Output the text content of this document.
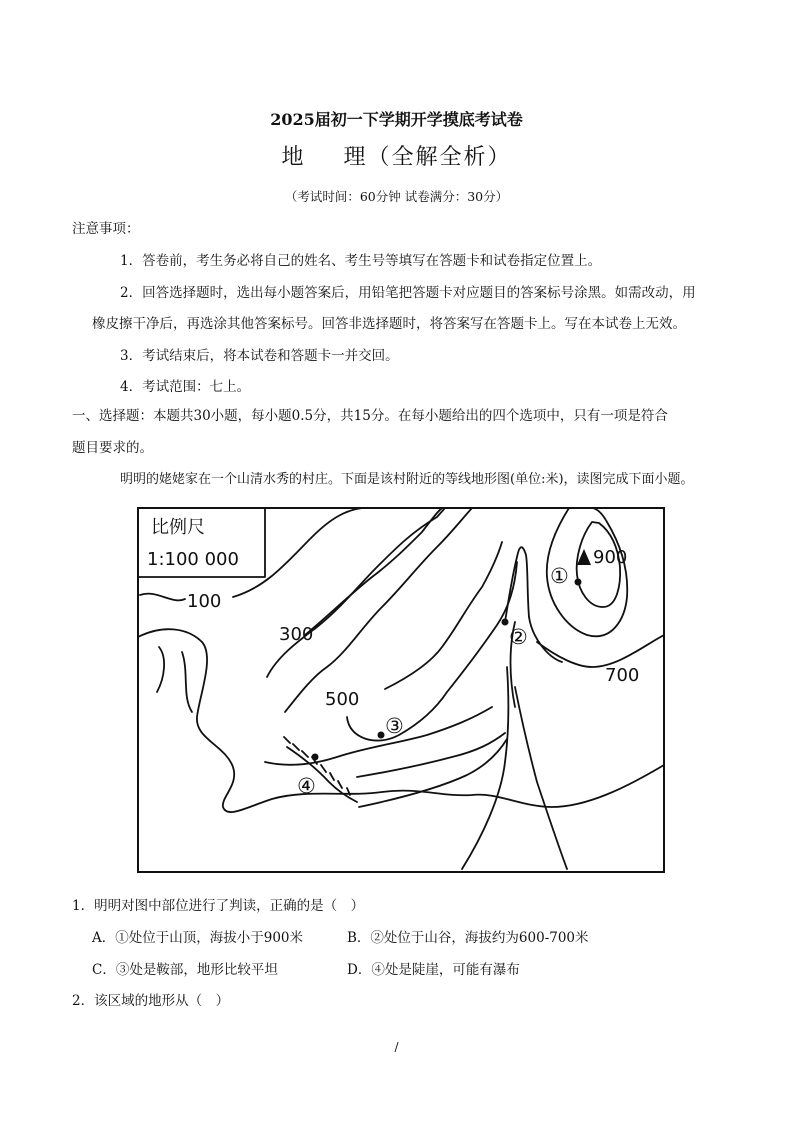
2025届初一下学期开学摸底考试卷
地 理（全解全析）
（考试时间：60分钟 试卷满分：30分）
注意事项：
1．答卷前，考生务必将自己的姓名、考生号等填写在答题卡和试卷指定位置上。
2．回答选择题时，选出每小题答案后，用铅笔把答题卡对应题目的答案标号涂黑。如需改动，用
橡皮擦干净后，再选涂其他答案标号。回答非选择题时，将答案写在答题卡上。写在本试卷上无效。
3．考试结束后，将本试卷和答题卡一并交回。
4．考试范围：七上。
一、选择题：本题共30小题，每小题0.5分，共15分。在每小题给出的四个选项中，只有一项是符合
题目要求的。
明明的姥姥家在一个山清水秀的村庄。下面是该村附近的等线地形图(单位:米)，读图完成下面小题。
比例尺
1:100 000
100
300
500
700
900
①
②
③
④
1．明明对图中部位进行了判读，正确的是（　）
A．①处位于山顶，海拔小于900米	B．②处位于山谷，海拔约为600-700米
C．③处是鞍部，地形比较平坦	D．④处是陡崖，可能有瀑布
2．该区域的地形从（　）
/
